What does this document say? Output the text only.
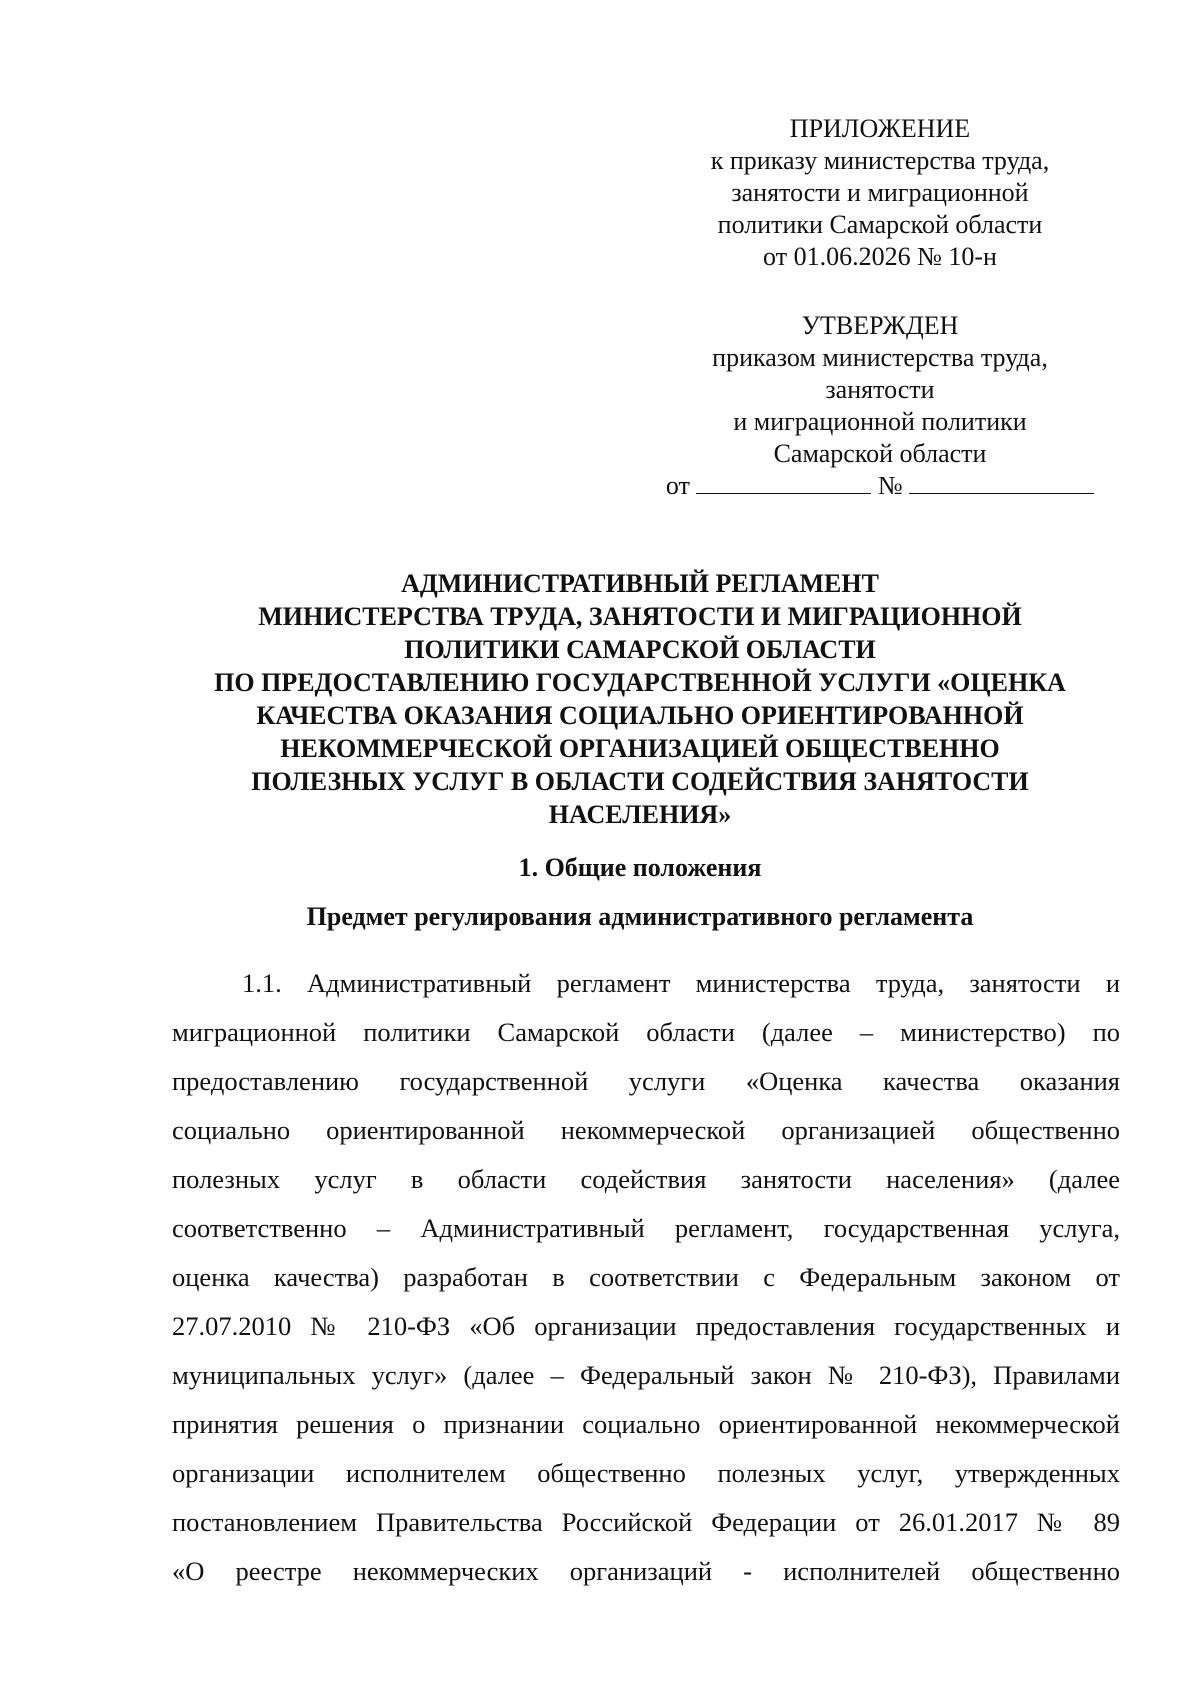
ПРИЛОЖЕНИЕ
к приказу министерства труда,
занятости и миграционной
политики Самарской области
от 01.06.2026 № 10-н
УТВЕРЖДЕН
приказом министерства труда,
занятости
и миграционной политики
Самарской области
от	№
АДМИНИСТРАТИВНЫЙ РЕГЛАМЕНТ
МИНИСТЕРСТВА ТРУДА, ЗАНЯТОСТИ И МИГРАЦИОННОЙ
ПОЛИТИКИ САМАРСКОЙ ОБЛАСТИ
ПО ПРЕДОСТАВЛЕНИЮ ГОСУДАРСТВЕННОЙ УСЛУГИ «ОЦЕНКА
КАЧЕСТВА ОКАЗАНИЯ СОЦИАЛЬНО ОРИЕНТИРОВАННОЙ
НЕКОММЕРЧЕСКОЙ ОРГАНИЗАЦИЕЙ ОБЩЕСТВЕННО
ПОЛЕЗНЫХ УСЛУГ В ОБЛАСТИ СОДЕЙСТВИЯ ЗАНЯТОСТИ
НАСЕЛЕНИЯ»
1. Общие положения
Предмет регулирования административного регламента
1.1. Административный регламент министерства труда, занятости и
миграционной политики Самарской области (далее – министерство) по
предоставлению государственной услуги «Оценка качества оказания
социально ориентированной некоммерческой организацией общественно
полезных услуг в области содействия занятости населения» (далее
соответственно – Административный регламент, государственная услуга,
оценка качества) разработан в соответствии с Федеральным законом от
27.07.2010 № 210-ФЗ «Об организации предоставления государственных и
муниципальных услуг» (далее – Федеральный закон № 210-ФЗ), Правилами
принятия решения о признании социально ориентированной некоммерческой
организации исполнителем общественно полезных услуг, утвержденных
постановлением Правительства Российской Федерации от 26.01.2017 № 89
«О реестре некоммерческих организаций - исполнителей общественно
